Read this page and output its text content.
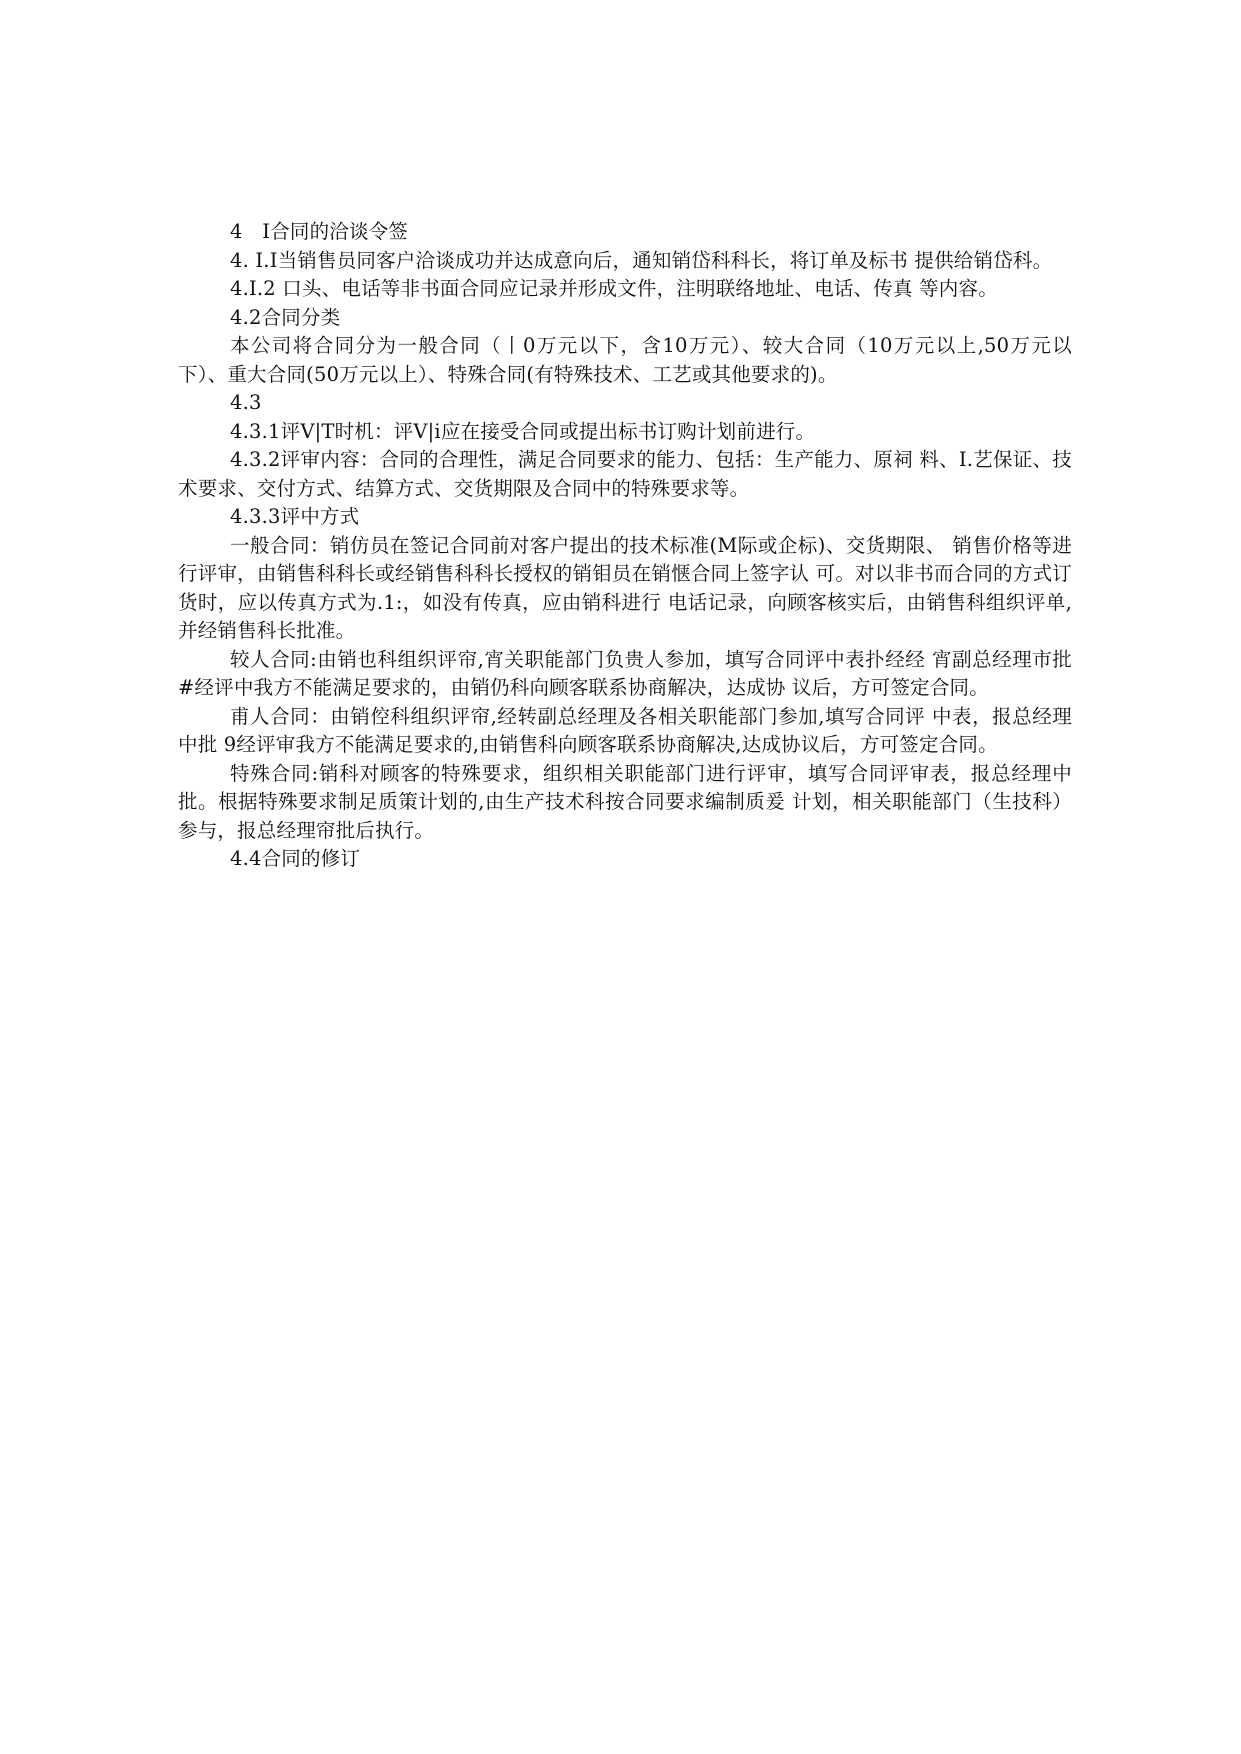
4　I合同的洽谈令签

4. I.I当销售员同客户洽谈成功并达成意向后，通知销岱科科长，将订单及标书 提供给销岱科。

4.I.2 口头、电话等非书面合同应记录并形成文件，注明联络地址、电话、传真 等内容。

4.2合同分类

本公司将合同分为一般合同（丨0万元以下，含10万元）、较大合同（10万元以上,50万元以下）、重大合同(50万元以上）、特殊合同(有特殊技术、工艺或其他要求的)。

4.3

4.3.1评V|T时机：评V|i应在接受合同或提出标书订购计划前进行。

4.3.2评审内容：合同的合理性，满足合同要求的能力、包括：生产能力、原祠 料、I.艺保证、技术要求、交付方式、结算方式、交货期限及合同中的特殊要求等。

4.3.3评中方式

一般合同：销仿员在签记合同前对客户提出的技术标准(M际或企标)、交货期限、 销售价格等进行评审，由销售科科长或经销售科科长授权的销钼员在销惬合同上签字认 可。对以非书而合同的方式订货时，应以传真方式为.1:，如没有传真，应由销科进行 电话记录，向顾客核实后，由销售科组织评单,并经销售科长批准。

较人合同:由销也科组织评帘,宵关职能部门负贵人参加，填写合同评中表扑经经 宵副总经理市批#经评中我方不能满足要求的，由销仍科向顾客联系协商解决，达成协 议后，方可签定合同。

甫人合同：由销倥科组织评帘,经转副总经理及各相关职能部门参加,填写合同评 中表，报总经理中批 9经评审我方不能满足要求的,由销售科向顾客联系协商解决,达成协议后，方可签定合同。

特殊合同:销科对顾客的特殊要求，组织相关职能部门进行评审，填写合同评审表，报总经理中批。根据特殊要求制足质策计划的,由生产技术科按合同要求编制质爰 计划，相关职能部门（生技科）参与，报总经理帘批后执行。

4.4合同的修订
